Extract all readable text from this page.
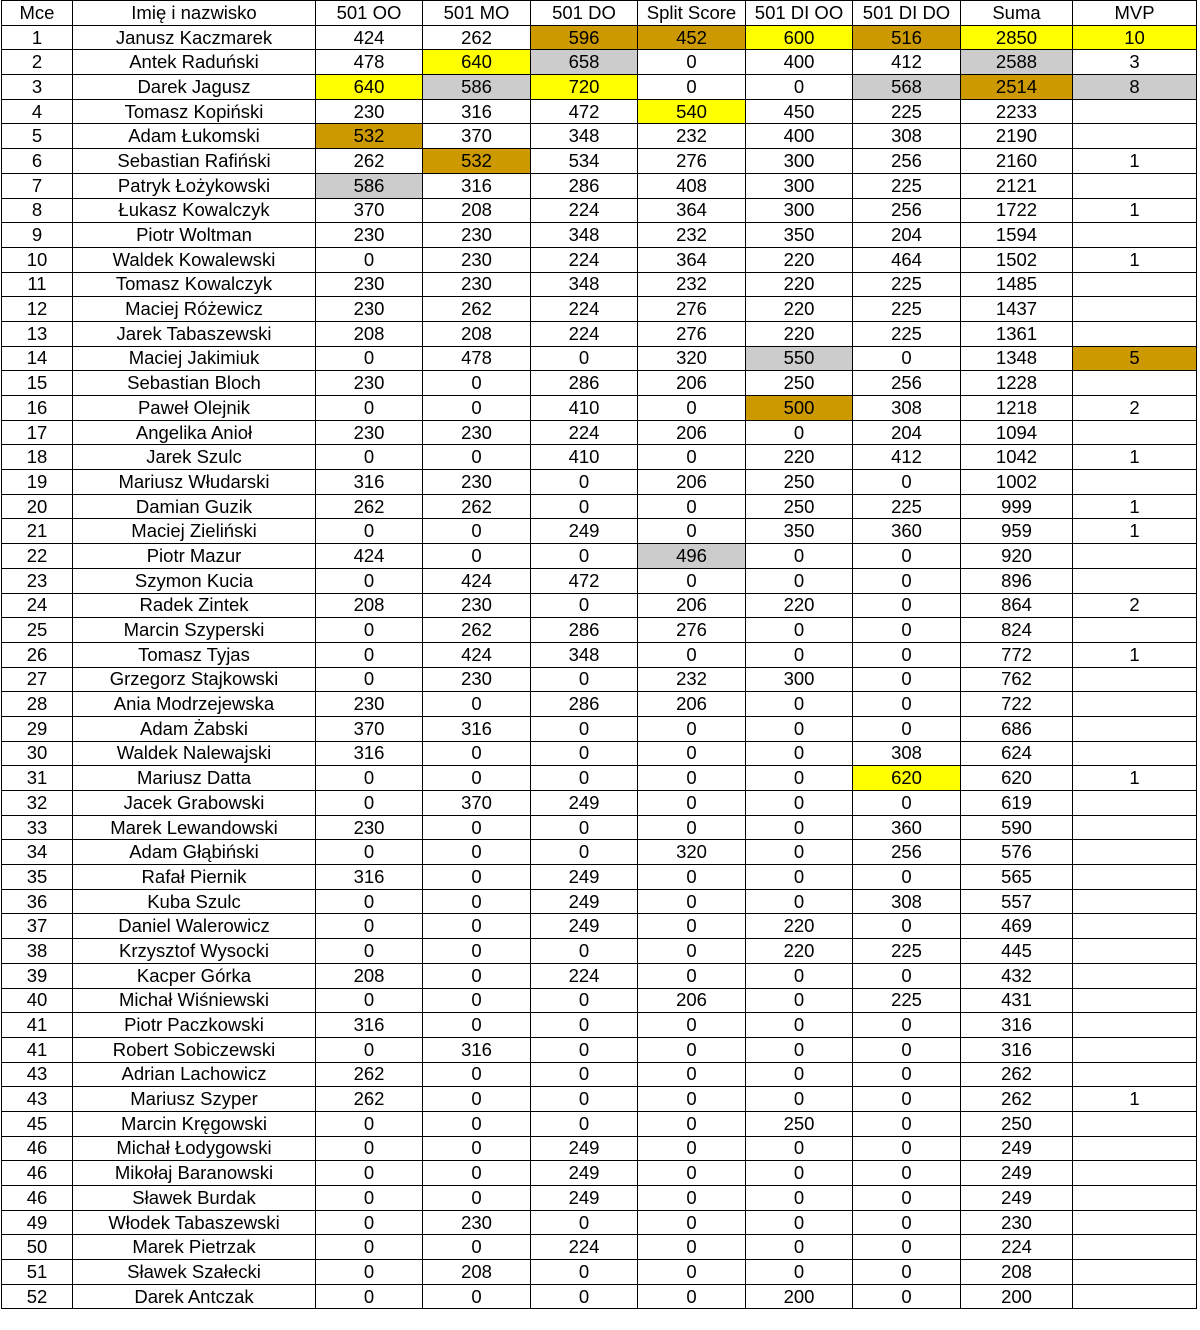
Mce	Imię i nazwisko	501 OO	501 MO	501 DO	Split Score	501 DI OO	501 DI DO	Suma	MVP
1	Janusz Kaczmarek	424	262	596	452	600	516	2850	10
2	Antek Raduński	478	640	658	0	400	412	2588	3
3	Darek Jagusz	640	586	720	0	0	568	2514	8
4	Tomasz Kopiński	230	316	472	540	450	225	2233	
5	Adam Łukomski	532	370	348	232	400	308	2190	
6	Sebastian Rafiński	262	532	534	276	300	256	2160	1
7	Patryk Łożykowski	586	316	286	408	300	225	2121	
8	Łukasz Kowalczyk	370	208	224	364	300	256	1722	1
9	Piotr Woltman	230	230	348	232	350	204	1594	
10	Waldek Kowalewski	0	230	224	364	220	464	1502	1
11	Tomasz Kowalczyk	230	230	348	232	220	225	1485	
12	Maciej Różewicz	230	262	224	276	220	225	1437	
13	Jarek Tabaszewski	208	208	224	276	220	225	1361	
14	Maciej Jakimiuk	0	478	0	320	550	0	1348	5
15	Sebastian Bloch	230	0	286	206	250	256	1228	
16	Paweł Olejnik	0	0	410	0	500	308	1218	2
17	Angelika Anioł	230	230	224	206	0	204	1094	
18	Jarek Szulc	0	0	410	0	220	412	1042	1
19	Mariusz Włudarski	316	230	0	206	250	0	1002	
20	Damian Guzik	262	262	0	0	250	225	999	1
21	Maciej Zieliński	0	0	249	0	350	360	959	1
22	Piotr Mazur	424	0	0	496	0	0	920	
23	Szymon Kucia	0	424	472	0	0	0	896	
24	Radek Zintek	208	230	0	206	220	0	864	2
25	Marcin Szyperski	0	262	286	276	0	0	824	
26	Tomasz Tyjas	0	424	348	0	0	0	772	1
27	Grzegorz Stajkowski	0	230	0	232	300	0	762	
28	Ania Modrzejewska	230	0	286	206	0	0	722	
29	Adam Żabski	370	316	0	0	0	0	686	
30	Waldek Nalewajski	316	0	0	0	0	308	624	
31	Mariusz Datta	0	0	0	0	0	620	620	1
32	Jacek Grabowski	0	370	249	0	0	0	619	
33	Marek Lewandowski	230	0	0	0	0	360	590	
34	Adam Głąbiński	0	0	0	320	0	256	576	
35	Rafał Piernik	316	0	249	0	0	0	565	
36	Kuba Szulc	0	0	249	0	0	308	557	
37	Daniel Walerowicz	0	0	249	0	220	0	469	
38	Krzysztof Wysocki	0	0	0	0	220	225	445	
39	Kacper Górka	208	0	224	0	0	0	432	
40	Michał Wiśniewski	0	0	0	206	0	225	431	
41	Piotr Paczkowski	316	0	0	0	0	0	316	
41	Robert Sobiczewski	0	316	0	0	0	0	316	
43	Adrian Lachowicz	262	0	0	0	0	0	262	
43	Mariusz Szyper	262	0	0	0	0	0	262	1
45	Marcin Kręgowski	0	0	0	0	250	0	250	
46	Michał Łodygowski	0	0	249	0	0	0	249	
46	Mikołaj Baranowski	0	0	249	0	0	0	249	
46	Sławek Burdak	0	0	249	0	0	0	249	
49	Włodek Tabaszewski	0	230	0	0	0	0	230	
50	Marek Pietrzak	0	0	224	0	0	0	224	
51	Sławek Szałecki	0	208	0	0	0	0	208	
52	Darek Antczak	0	0	0	0	200	0	200	
